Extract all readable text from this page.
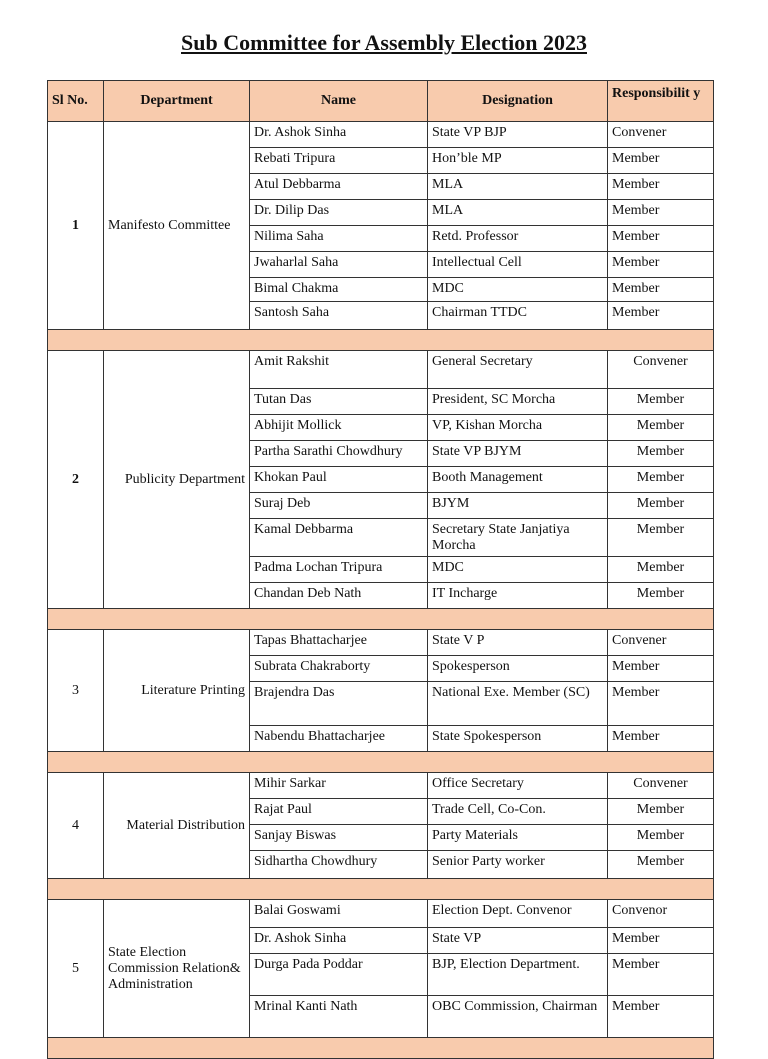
Sub Committee for Assembly Election 2023
Sl No.	Department	Name	Designation	Responsibilit y
1	Manifesto Committee	Dr. Ashok Sinha	State VP BJP	Convener
		Rebati Tripura	Hon’ble MP	Member
		Atul Debbarma	MLA	Member
		Dr. Dilip Das	MLA	Member
		Nilima Saha	Retd. Professor	Member
		Jwaharlal Saha	Intellectual Cell	Member
		Bimal Chakma	MDC	Member
		Santosh Saha	Chairman TTDC	Member

2	Publicity Department	Amit Rakshit	General Secretary	Convener
		Tutan Das	President, SC Morcha	Member
		Abhijit Mollick	VP, Kishan Morcha	Member
		Partha Sarathi Chowdhury	State VP BJYM	Member
		Khokan Paul	Booth Management	Member
		Suraj Deb	BJYM	Member
		Kamal Debbarma	Secretary State Janjatiya Morcha	Member
		Padma Lochan Tripura	MDC	Member
		Chandan Deb Nath	IT Incharge	Member

3	Literature Printing	Tapas Bhattacharjee	State V P	Convener
		Subrata Chakraborty	Spokesperson	Member
		Brajendra Das	National Exe. Member (SC)	Member
		Nabendu Bhattacharjee	State Spokesperson	Member

4	Material Distribution	Mihir Sarkar	Office Secretary	Convener
		Rajat Paul	Trade Cell, Co-Con.	Member
		Sanjay Biswas	Party Materials	Member
		Sidhartha Chowdhury	Senior Party worker	Member

5	State Election Commission Relation& Administration	Balai Goswami	Election Dept. Convenor	Convenor
		Dr. Ashok Sinha	State VP	Member
		Durga Pada Poddar	BJP, Election Department.	Member
		Mrinal Kanti Nath	OBC Commission, Chairman	Member
